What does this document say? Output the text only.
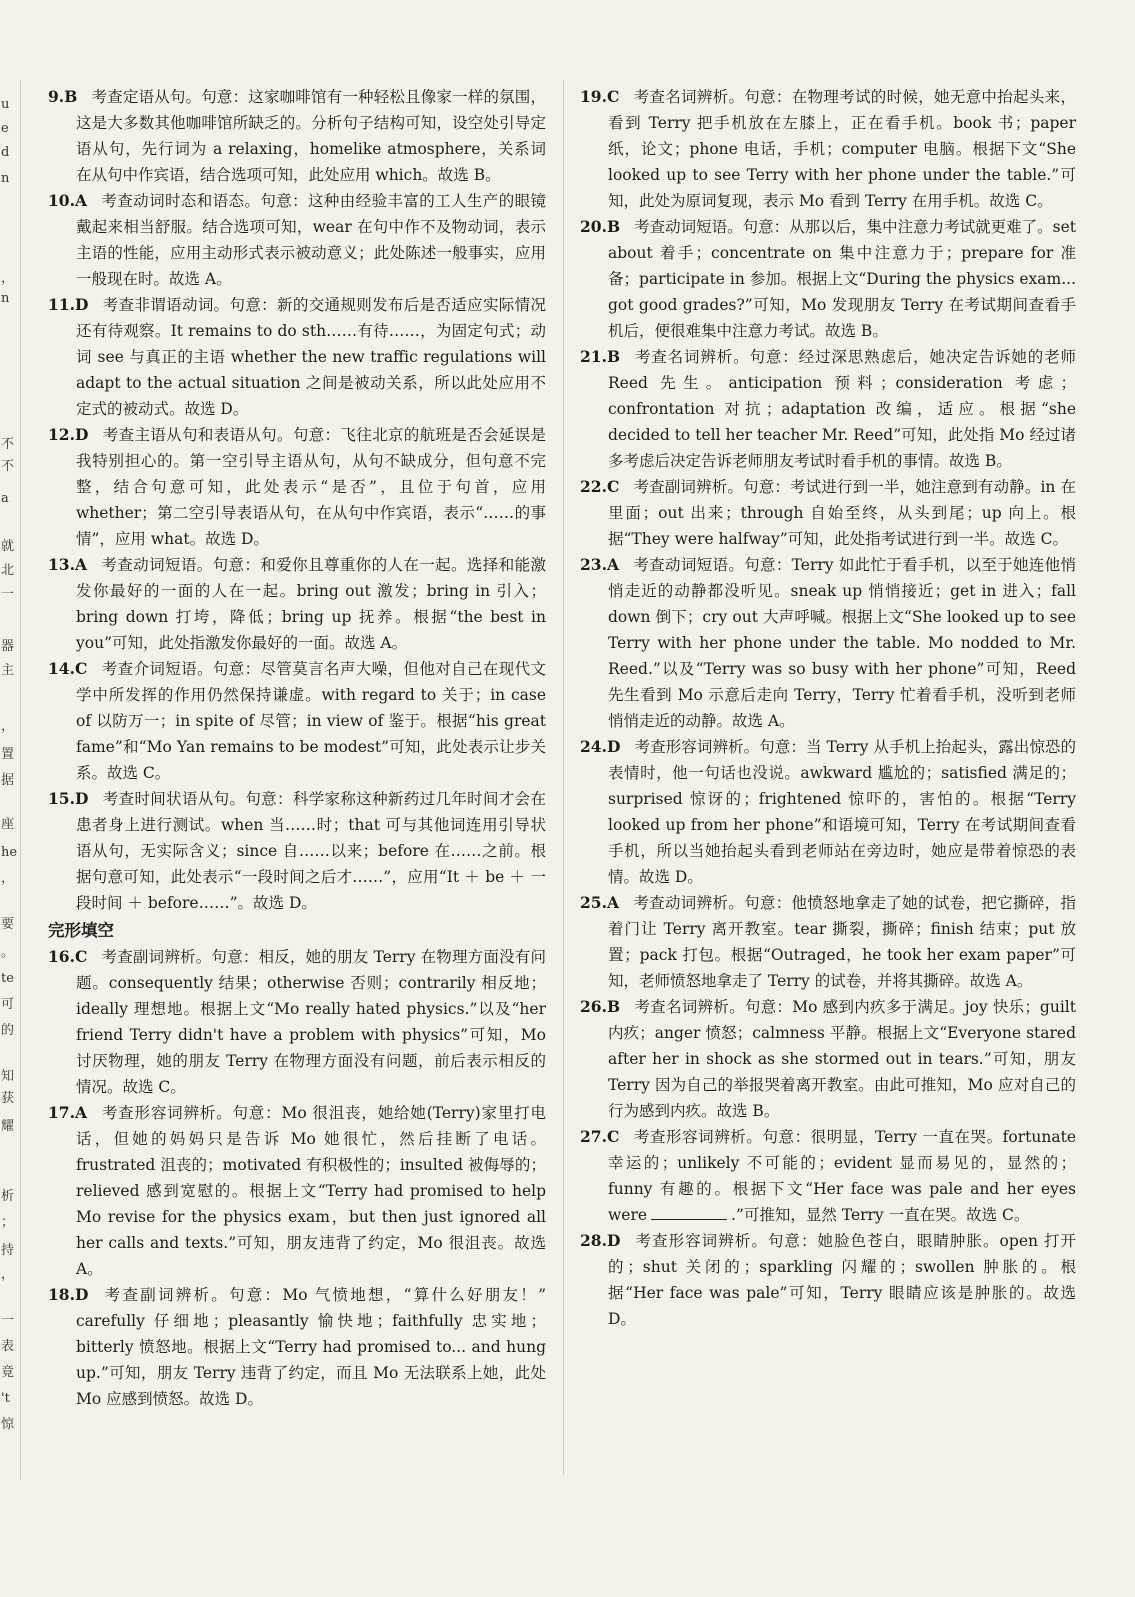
u
e
d
n
，
n
不
不
a
就
北
一
器
主
，
置
据
座
he
，
要
。
te
可
的
知
获
耀
析
；
持
，
一
表
竟
't
惊

9.B 考查定语从句。句意：这家咖啡馆有一种轻松且像家一样的氛围，这是大多数其他咖啡馆所缺乏的。分析句子结构可知，设空处引导定语从句，先行词为 a relaxing，homelike atmosphere，关系词在从句中作宾语，结合选项可知，此处应用 which。故选 B。

10.A 考查动词时态和语态。句意：这种由经验丰富的工人生产的眼镜戴起来相当舒服。结合选项可知，wear 在句中作不及物动词，表示主语的性能，应用主动形式表示被动意义；此处陈述一般事实，应用一般现在时。故选 A。

11.D 考查非谓语动词。句意：新的交通规则发布后是否适应实际情况还有待观察。It remains to do sth……有待……，为固定句式；动词 see 与真正的主语 whether the new traffic regulations will adapt to the actual situation 之间是被动关系，所以此处应用不定式的被动式。故选 D。

12.D 考查主语从句和表语从句。句意：飞往北京的航班是否会延误是我特别担心的。第一空引导主语从句，从句不缺成分，但句意不完整，结合句意可知，此处表示“是否”，且位于句首，应用 whether；第二空引导表语从句，在从句中作宾语，表示“……的事情”，应用 what。故选 D。

13.A 考查动词短语。句意：和爱你且尊重你的人在一起。选择和能激发你最好的一面的人在一起。bring out 激发；bring in 引入；bring down 打垮，降低；bring up 抚养。根据“the best in you”可知，此处指激发你最好的一面。故选 A。

14.C 考查介词短语。句意：尽管莫言名声大噪，但他对自己在现代文学中所发挥的作用仍然保持谦虚。with regard to 关于；in case of 以防万一；in spite of 尽管；in view of 鉴于。根据“his great fame”和“Mo Yan remains to be modest”可知，此处表示让步关系。故选 C。

15.D 考查时间状语从句。句意：科学家称这种新药过几年时间才会在患者身上进行测试。when 当……时；that 可与其他词连用引导状语从句，无实际含义；since 自……以来；before 在……之前。根据句意可知，此处表示“一段时间之后才……”，应用“It ＋ be ＋ 一段时间 ＋ before……”。故选 D。

完形填空

16.C 考查副词辨析。句意：相反，她的朋友 Terry 在物理方面没有问题。consequently 结果；otherwise 否则；contrarily 相反地；ideally 理想地。根据上文“Mo really hated physics.”以及“her friend Terry didn't have a problem with physics”可知，Mo 讨厌物理，她的朋友 Terry 在物理方面没有问题，前后表示相反的情况。故选 C。

17.A 考查形容词辨析。句意：Mo 很沮丧，她给她(Terry)家里打电话，但她的妈妈只是告诉 Mo 她很忙，然后挂断了电话。frustrated 沮丧的；motivated 有积极性的；insulted 被侮辱的；relieved 感到宽慰的。根据上文“Terry had promised to help Mo revise for the physics exam，but then just ignored all her calls and texts.”可知，朋友违背了约定，Mo 很沮丧。故选 A。

18.D 考查副词辨析。句意：Mo 气愤地想，“算什么好朋友！” carefully 仔细地；pleasantly 愉快地；faithfully 忠实地；bitterly 愤怒地。根据上文“Terry had promised to... and hung up.”可知，朋友 Terry 违背了约定，而且 Mo 无法联系上她，此处 Mo 应感到愤怒。故选 D。

19.C 考查名词辨析。句意：在物理考试的时候，她无意中抬起头来，看到 Terry 把手机放在左膝上，正在看手机。book 书；paper 纸，论文；phone 电话，手机；computer 电脑。根据下文“She looked up to see Terry with her phone under the table.”可知，此处为原词复现，表示 Mo 看到 Terry 在用手机。故选 C。

20.B 考查动词短语。句意：从那以后，集中注意力考试就更难了。set about 着手；concentrate on 集中注意力于；prepare for 准备；participate in 参加。根据上文“During the physics exam... got good grades?”可知，Mo 发现朋友 Terry 在考试期间查看手机后，便很难集中注意力考试。故选 B。

21.B 考查名词辨析。句意：经过深思熟虑后，她决定告诉她的老师 Reed 先生。anticipation 预料；consideration 考虑；confrontation 对抗；adaptation 改编，适应。根据“she decided to tell her teacher Mr. Reed”可知，此处指 Mo 经过诸多考虑后决定告诉老师朋友考试时看手机的事情。故选 B。

22.C 考查副词辨析。句意：考试进行到一半，她注意到有动静。in 在里面；out 出来；through 自始至终，从头到尾；up 向上。根据“They were halfway”可知，此处指考试进行到一半。故选 C。

23.A 考查动词短语。句意：Terry 如此忙于看手机，以至于她连他悄悄走近的动静都没听见。sneak up 悄悄接近；get in 进入；fall down 倒下；cry out 大声呼喊。根据上文“She looked up to see Terry with her phone under the table. Mo nodded to Mr. Reed.”以及“Terry was so busy with her phone”可知，Reed 先生看到 Mo 示意后走向 Terry，Terry 忙着看手机，没听到老师悄悄走近的动静。故选 A。

24.D 考查形容词辨析。句意：当 Terry 从手机上抬起头，露出惊恐的表情时，他一句话也没说。awkward 尴尬的；satisfied 满足的；surprised 惊讶的；frightened 惊吓的，害怕的。根据“Terry looked up from her phone”和语境可知，Terry 在考试期间查看手机，所以当她抬起头看到老师站在旁边时，她应是带着惊恐的表情。故选 D。

25.A 考查动词辨析。句意：他愤怒地拿走了她的试卷，把它撕碎，指着门让 Terry 离开教室。tear 撕裂，撕碎；finish 结束；put 放置；pack 打包。根据“Outraged，he took her exam paper”可知，老师愤怒地拿走了 Terry 的试卷，并将其撕碎。故选 A。

26.B 考查名词辨析。句意：Mo 感到内疚多于满足。joy 快乐；guilt 内疚；anger 愤怒；calmness 平静。根据上文“Everyone stared after her in shock as she stormed out in tears.”可知，朋友 Terry 因为自己的举报哭着离开教室。由此可推知，Mo 应对自己的行为感到内疚。故选 B。

27.C 考查形容词辨析。句意：很明显，Terry 一直在哭。fortunate 幸运的；unlikely 不可能的；evident 显而易见的，显然的；funny 有趣的。根据下文“Her face was pale and her eyes were	.”可推知，显然 Terry 一直在哭。故选 C。

28.D 考查形容词辨析。句意：她脸色苍白，眼睛肿胀。open 打开的；shut 关闭的；sparkling 闪耀的；swollen 肿胀的。根据“Her face was pale”可知，Terry 眼睛应该是肿胀的。故选 D。
